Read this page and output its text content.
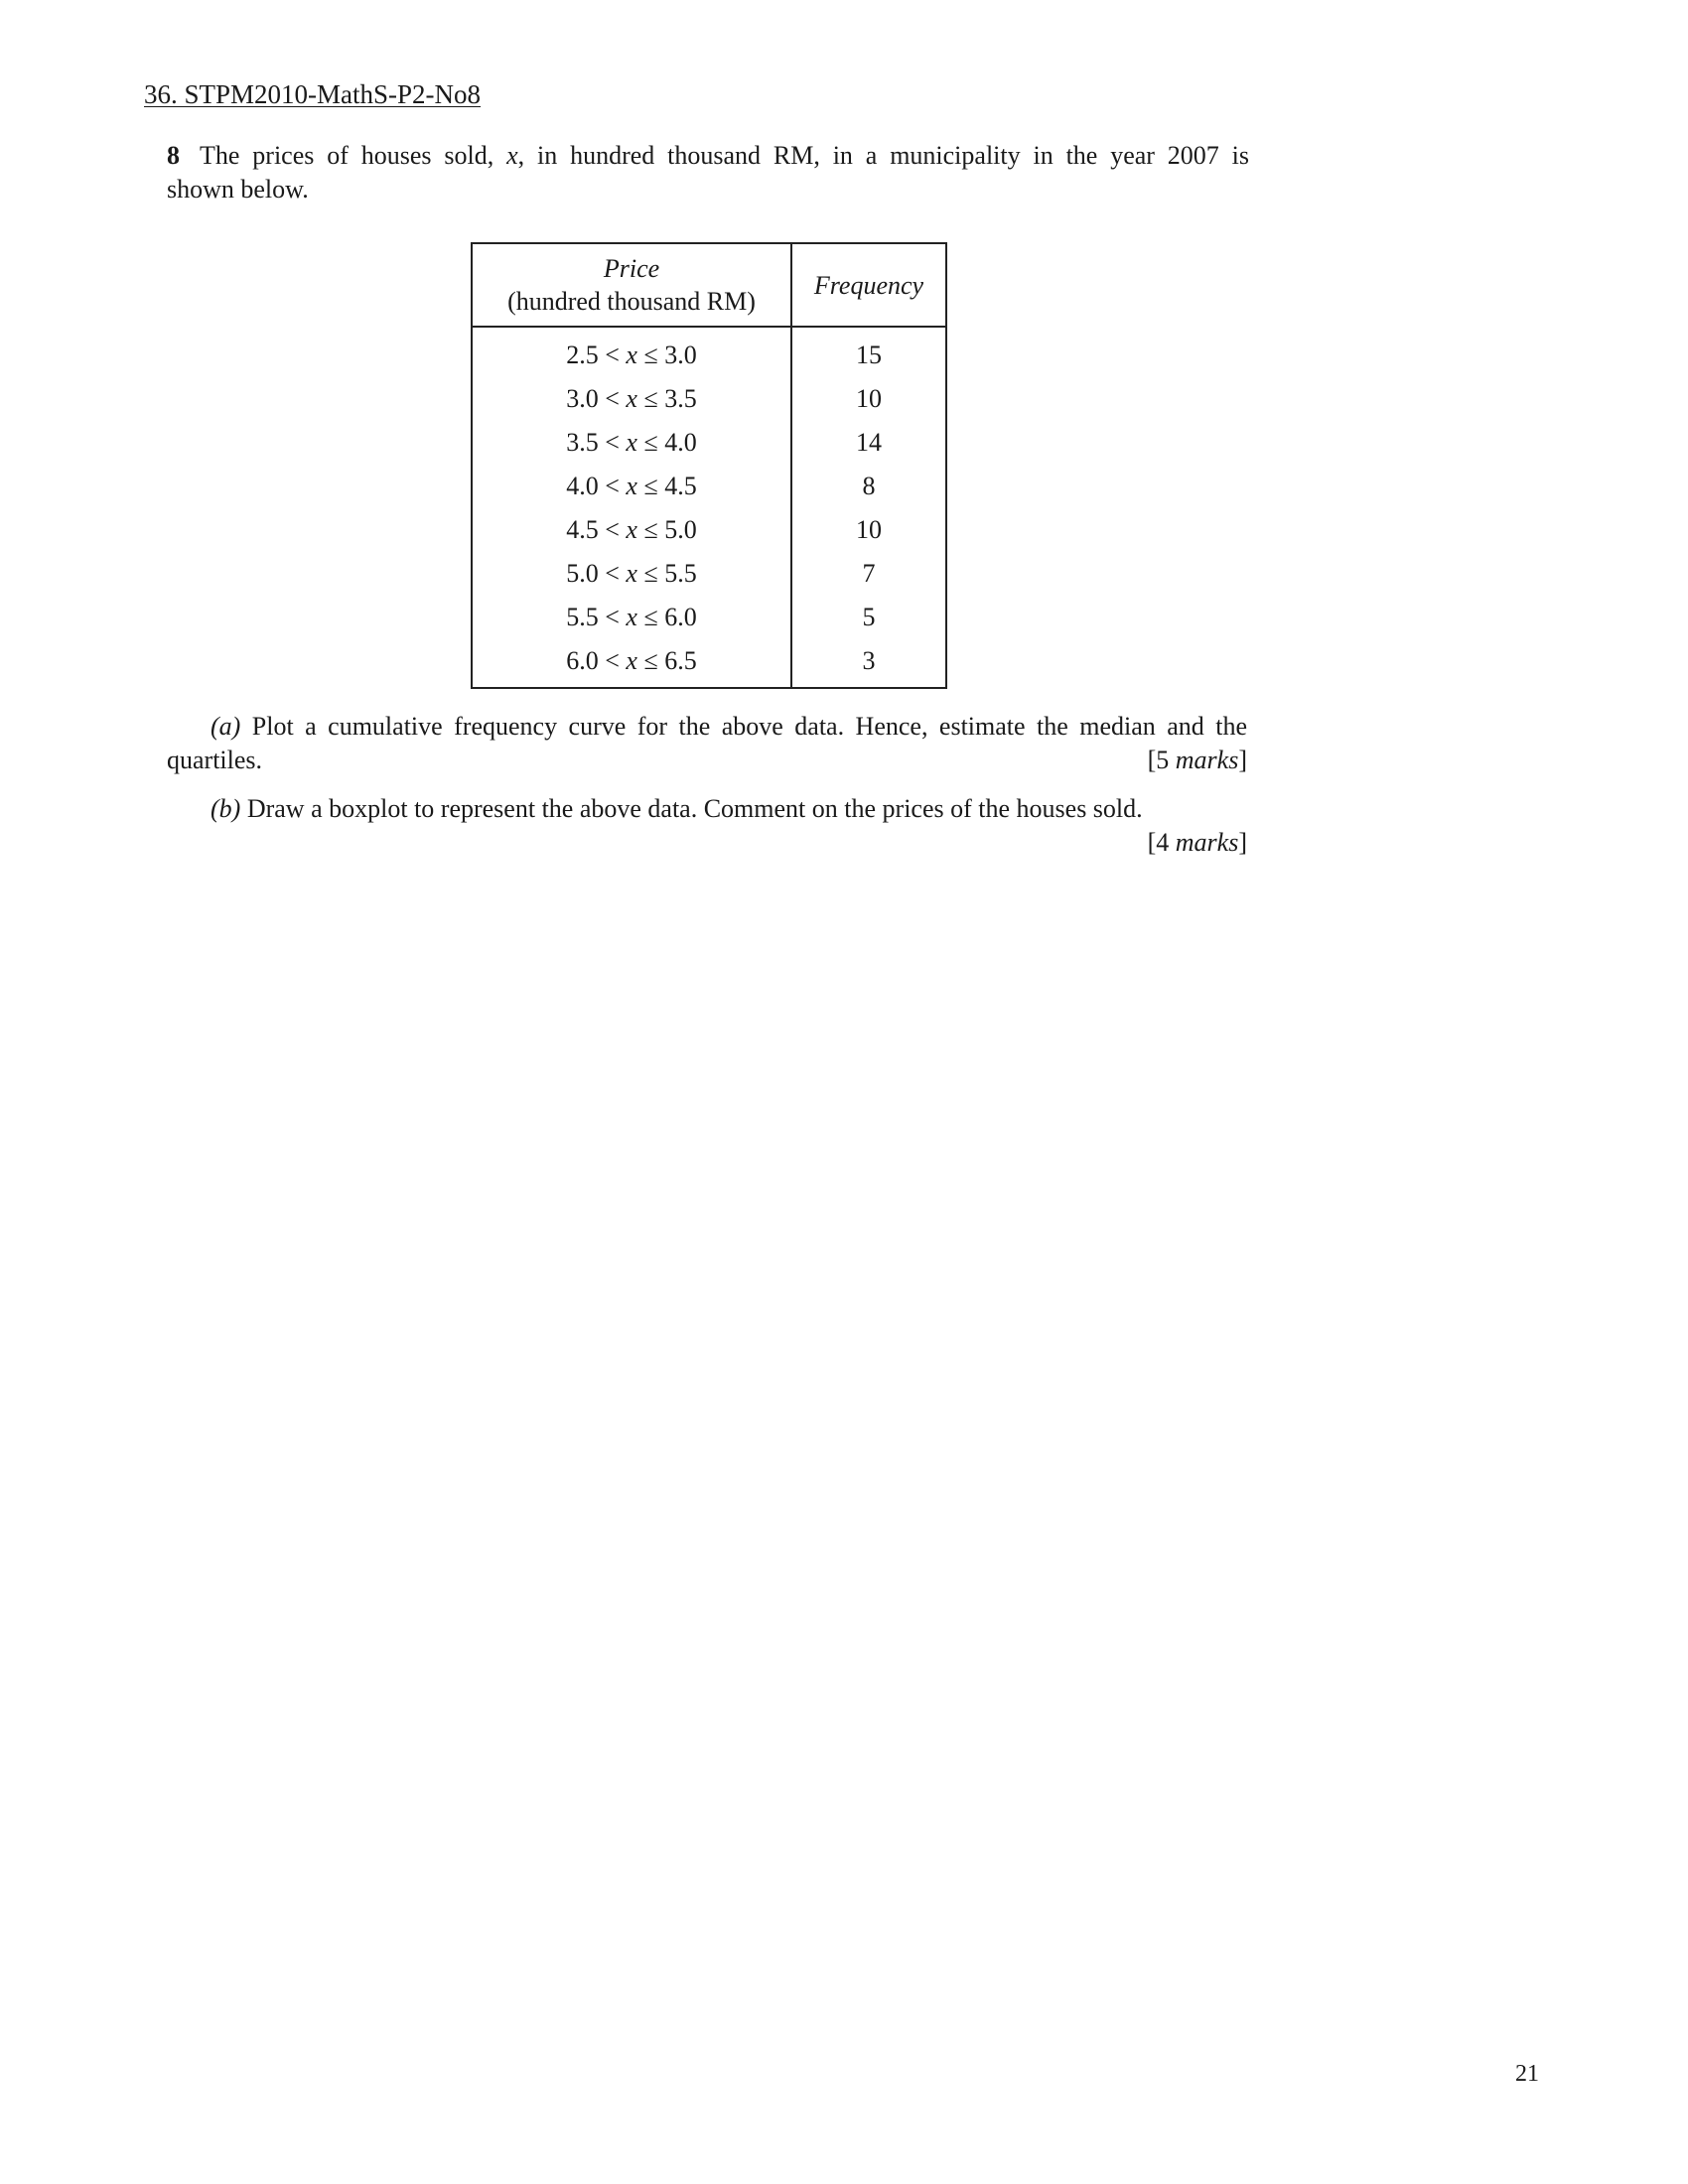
36. STPM2010-MathS-P2-No8
8 The prices of houses sold, x, in hundred thousand RM, in a municipality in the year 2007 is
shown below.
Price
(hundred thousand RM)	Frequency
2.5 < x ≤ 3.0	15
3.0 < x ≤ 3.5	10
3.5 < x ≤ 4.0	14
4.0 < x ≤ 4.5	8
4.5 < x ≤ 5.0	10
5.0 < x ≤ 5.5	7
5.5 < x ≤ 6.0	5
6.0 < x ≤ 6.5	3
(a) Plot a cumulative frequency curve for the above data. Hence, estimate the median and the
quartiles.	[5 marks]
(b) Draw a boxplot to represent the above data. Comment on the prices of the houses sold.
[4 marks]
21
